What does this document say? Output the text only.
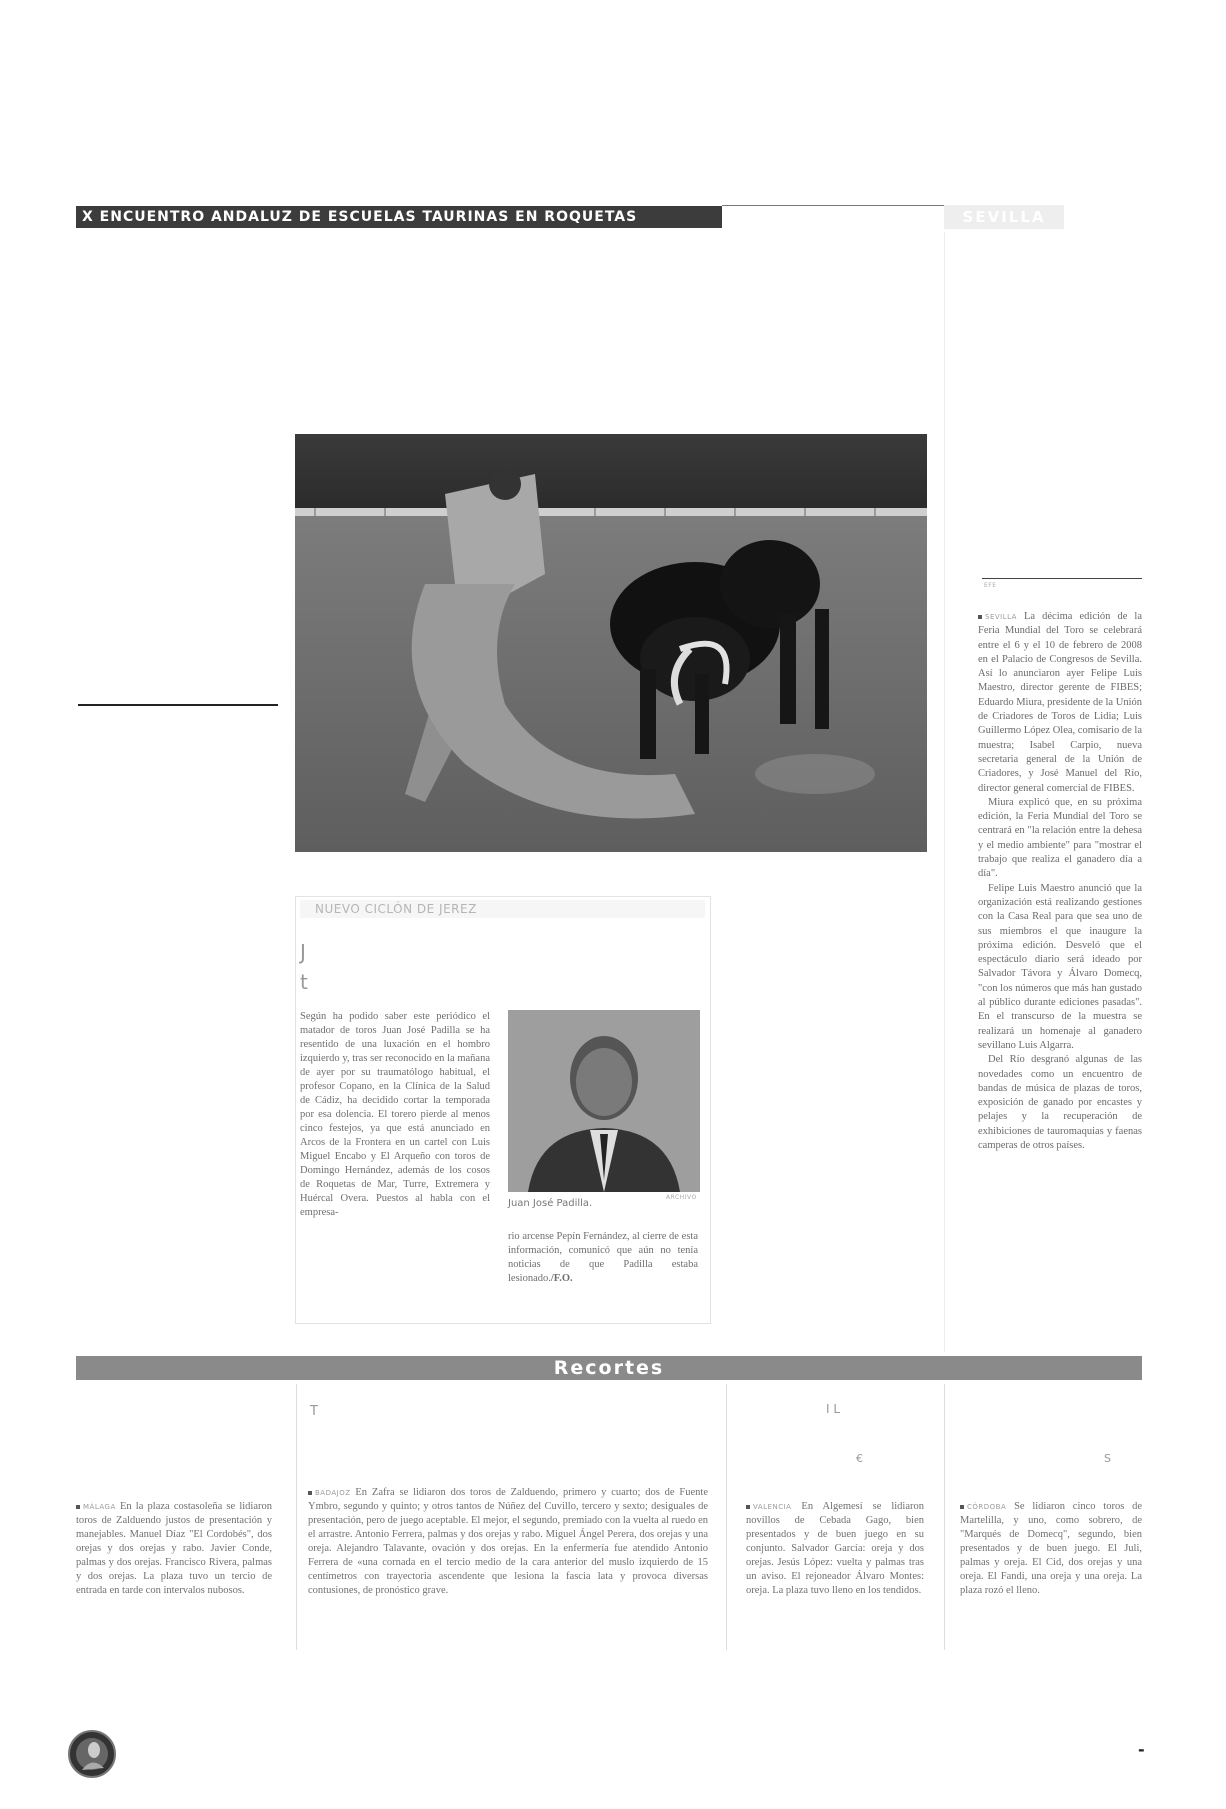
X ENCUENTRO ANDALUZ DE ESCUELAS TAURINAS EN ROQUETAS	SEVILLA
EFE

SEVILLA La décima edición de la Feria Mundial del Toro se celebrará entre el 6 y el 10 de febrero de 2008 en el Palacio de Congresos de Sevilla. Así lo anunciaron ayer Felipe Luis Maestro, director gerente de FIBES; Eduardo Miura, presidente de la Unión de Criadores de Toros de Lidia; Luis Guillermo López Olea, comisario de la muestra; Isabel Carpio, nueva secretaria general de la Unión de Criadores, y José Manuel del Río, director general comercial de FIBES.

Miura explicó que, en su próxima edición, la Feria Mundial del Toro se centrará en "la relación entre la dehesa y el medio ambiente" para "mostrar el trabajo que realiza el ganadero día a día".

Felipe Luis Maestro anunció que la organización está realizando gestiones con la Casa Real para que sea uno de sus miembros el que inaugure la próxima edición. Desveló que el espectáculo diario será ideado por Salvador Távora y Álvaro Domecq, "con los números que más han gustado al público durante ediciones pasadas". En el transcurso de la muestra se realizará un homenaje al ganadero sevillano Luis Algarra.

Del Río desgranó algunas de las novedades como un encuentro de bandas de música de plazas de toros, exposición de ganado por encastes y pelajes y la recuperación de exhibiciones de tauromaquias y faenas camperas de otros países.

NUEVO CICLÓN DE JEREZ
J
t

Según ha podido saber este periódico el matador de toros Juan José Padilla se ha resentido de una luxación en el hombro izquierdo y, tras ser reconocido en la mañana de ayer por su traumatólogo habitual, el profesor Copano, en la Clínica de la Salud de Cádiz, ha decidido cortar la temporada por esa dolencia. El torero pierde al menos cinco festejos, ya que está anunciado en Arcos de la Frontera en un cartel con Luis Miguel Encabo y El Arqueño con toros de Domingo Hernández, además de los cosos de Roquetas de Mar, Turre, Extremera y Huércal Overa. Puestos al habla con el empresa-

ARCHIVO
Juan José Padilla.

rio arcense Pepín Fernández, al cierre de esta información, comunicó que aún no tenía noticias de que Padilla estaba lesionado./F.O.

Recortes
T	I L
€	S

MÁLAGA En la plaza costasoleña se lidiaron toros de Zalduendo justos de presentación y manejables. Manuel Díaz "El Cordobés", dos orejas y dos orejas y rabo. Javier Conde, palmas y dos orejas. Francisco Rivera, palmas y dos orejas. La plaza tuvo un tercio de entrada en tarde con intervalos nubosos.

BADAJOZ En Zafra se lidiaron dos toros de Zalduendo, primero y cuarto; dos de Fuente Ymbro, segundo y quinto; y otros tantos de Núñez del Cuvillo, tercero y sexto; desiguales de presentación, pero de juego aceptable. El mejor, el segundo, premiado con la vuelta al ruedo en el arrastre. Antonio Ferrera, palmas y dos orejas y rabo. Miguel Ángel Perera, dos orejas y una oreja. Alejandro Talavante, ovación y dos orejas. En la enfermería fue atendido Antonio Ferrera de «una cornada en el tercio medio de la cara anterior del muslo izquierdo de 15 centímetros con trayectoria ascendente que lesiona la fascia lata y provoca diversas contusiones, de pronóstico grave.

VALENCIA En Algemesí se lidiaron novillos de Cebada Gago, bien presentados y de buen juego en su conjunto. Salvador García: oreja y dos orejas. Jesús López: vuelta y palmas tras un aviso. El rejoneador Álvaro Montes: oreja. La plaza tuvo lleno en los tendidos.

CÓRDOBA Se lidiaron cinco toros de Martelilla, y uno, como sobrero, de "Marqués de Domecq", segundo, bien presentados y de buen juego. El Juli, palmas y oreja. El Cid, dos orejas y una oreja. El Fandi, una oreja y una oreja. La plaza rozó el lleno.

-
